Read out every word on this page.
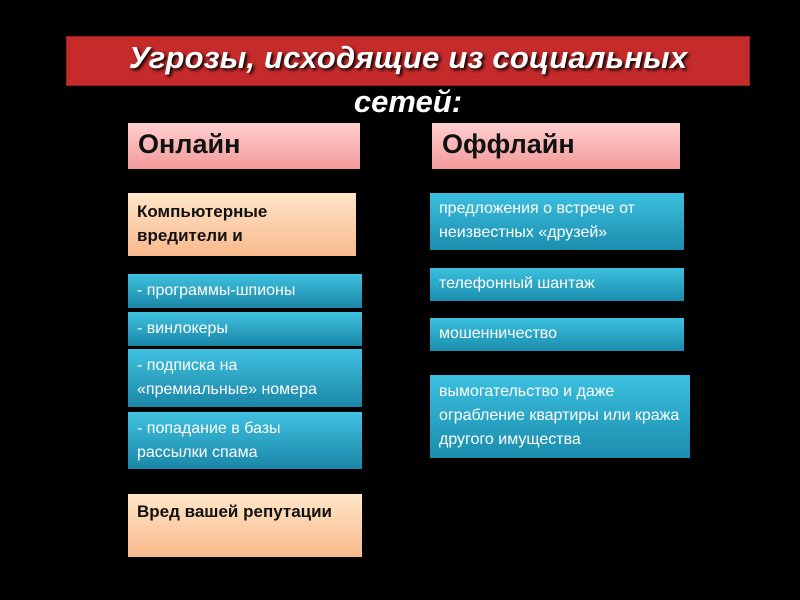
Угрозы, исходящие из социальных
сетей:
Онлайн
Компьютерные вредители и
- программы-шпионы
- винлокеры
- подписка на «премиальные» номера
- попадание в базы рассылки спама
Вред вашей репутации
Оффлайн
предложения о встрече от неизвестных «друзей»
телефонный шантаж
мошенничество
вымогательство и даже ограбление квартиры или кража другого имущества
